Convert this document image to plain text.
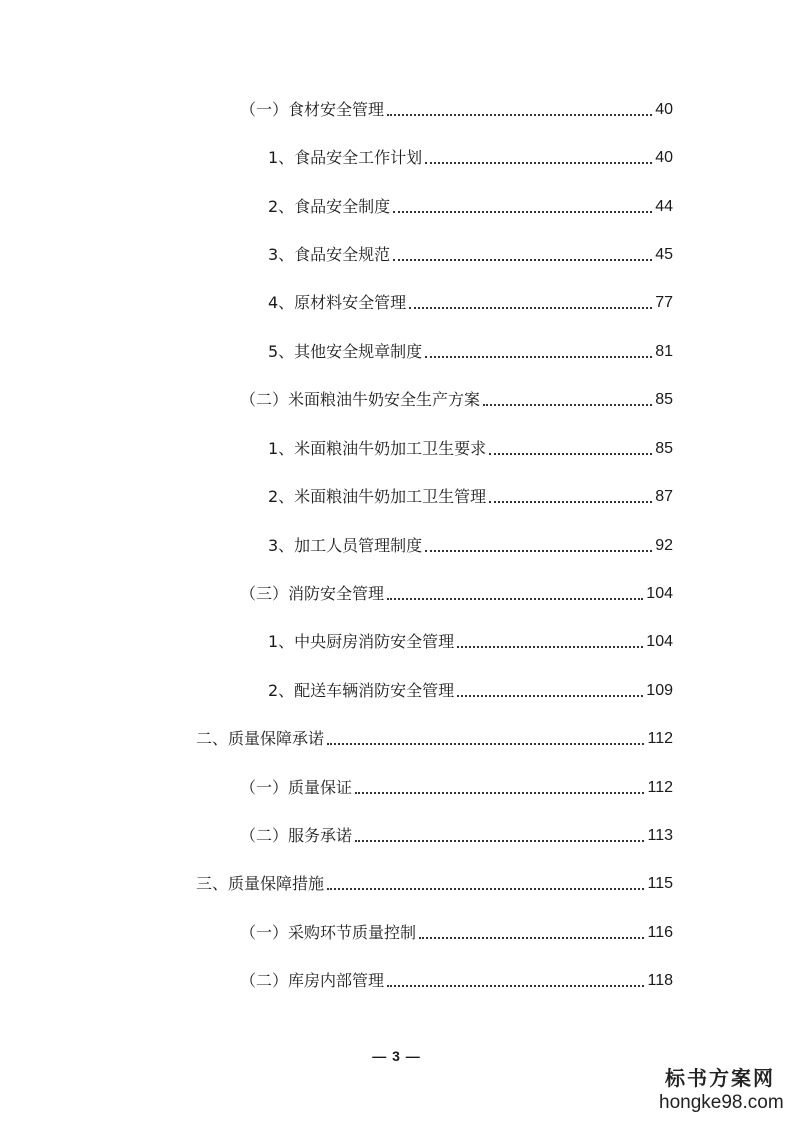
（一）食材安全管理	40
1、食品安全工作计划	40
2、食品安全制度	44
3、食品安全规范	45
4、原材料安全管理	77
5、其他安全规章制度	81
（二）米面粮油牛奶安全生产方案	85
1、米面粮油牛奶加工卫生要求	85
2、米面粮油牛奶加工卫生管理	87
3、加工人员管理制度	92
（三）消防安全管理	104
1、中央厨房消防安全管理	104
2、配送车辆消防安全管理	109
二、质量保障承诺	112
（一）质量保证	112
（二）服务承诺	113
三、质量保障措施	115
（一）采购环节质量控制	116
（二）库房内部管理	118
— 3 —
标书方案网
hongke98.com
